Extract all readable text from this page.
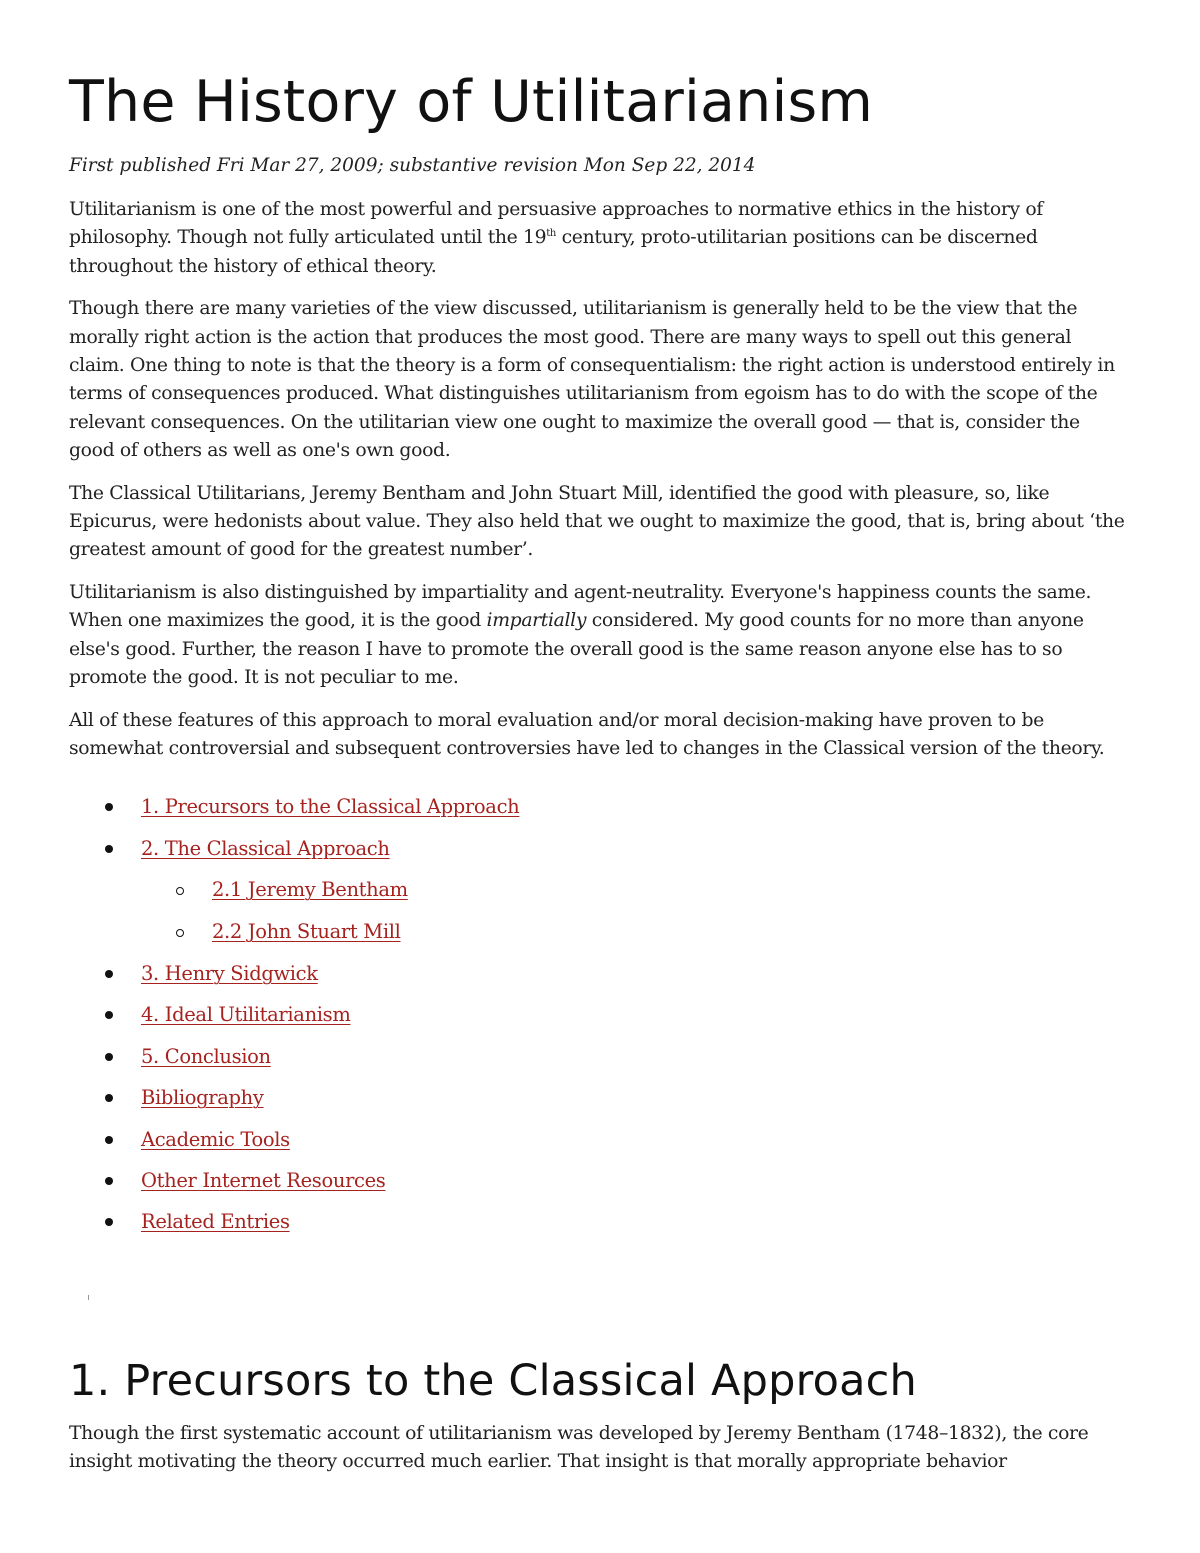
The History of Utilitarianism
First published Fri Mar 27, 2009; substantive revision Mon Sep 22, 2014

Utilitarianism is one of the most powerful and persuasive approaches to normative ethics in the history of philosophy. Though not fully articulated until the 19th century, proto-utilitarian positions can be discerned throughout the history of ethical theory.

Though there are many varieties of the view discussed, utilitarianism is generally held to be the view that the morally right action is the action that produces the most good. There are many ways to spell out this general claim. One thing to note is that the theory is a form of consequentialism: the right action is understood entirely in terms of consequences produced. What distinguishes utilitarianism from egoism has to do with the scope of the relevant consequences. On the utilitarian view one ought to maximize the overall good — that is, consider the good of others as well as one's own good.

The Classical Utilitarians, Jeremy Bentham and John Stuart Mill, identified the good with pleasure, so, like Epicurus, were hedonists about value. They also held that we ought to maximize the good, that is, bring about ‘the greatest amount of good for the greatest number’.

Utilitarianism is also distinguished by impartiality and agent-neutrality. Everyone's happiness counts the same. When one maximizes the good, it is the good impartially considered. My good counts for no more than anyone else's good. Further, the reason I have to promote the overall good is the same reason anyone else has to so promote the good. It is not peculiar to me.

All of these features of this approach to moral evaluation and/or moral decision-making have proven to be somewhat controversial and subsequent controversies have led to changes in the Classical version of the theory.

1. Precursors to the Classical Approach
2. The Classical Approach
2.1 Jeremy Bentham
2.2 John Stuart Mill
3. Henry Sidgwick
4. Ideal Utilitarianism
5. Conclusion
Bibliography
Academic Tools
Other Internet Resources
Related Entries
1. Precursors to the Classical Approach

Though the first systematic account of utilitarianism was developed by Jeremy Bentham (1748–1832), the core insight motivating the theory occurred much earlier. That insight is that morally appropriate behavior
